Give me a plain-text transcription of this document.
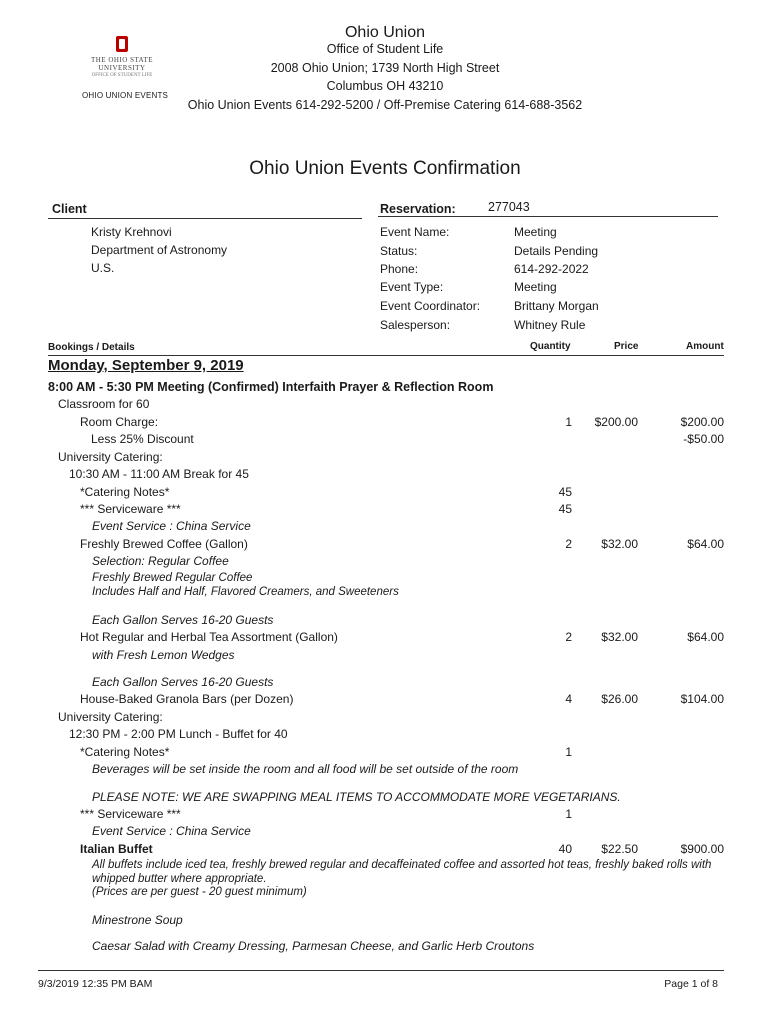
THE OHIO STATE
UNIVERSITY
OFFICE OF STUDENT LIFE
OHIO UNION EVENTS
Ohio Union
Office of Student Life
2008 Ohio Union; 1739 North High Street
Columbus OH 43210
Ohio Union Events 614-292-5200 / Off-Premise Catering 614-688-3562
Ohio Union Events Confirmation
Client	Reservation:	277043
Kristy Krehnovi
Department of Astronomy
U.S.
Event Name:	Meeting
Status:	Details Pending
Phone:	614-292-2022
Event Type:	Meeting
Event Coordinator:	Brittany Morgan
Salesperson:	Whitney Rule
Bookings / Details	Quantity	Price	Amount
Monday, September 9, 2019
8:00 AM - 5:30 PM Meeting (Confirmed) Interfaith Prayer & Reflection Room
Classroom for 60
Room Charge:	1 $200.00	$200.00
Less 25% Discount	-$50.00
University Catering:
10:30 AM - 11:00 AM Break for 45
*Catering Notes*	45
*** Serviceware ***	45
Event Service : China Service
Freshly Brewed Coffee (Gallon)	2 $32.00	$64.00
Selection: Regular Coffee
Freshly Brewed Regular Coffee
Includes Half and Half, Flavored Creamers, and Sweeteners
Each Gallon Serves 16-20 Guests
Hot Regular and Herbal Tea Assortment (Gallon)	2 $32.00	$64.00
with Fresh Lemon Wedges
Each Gallon Serves 16-20 Guests
House-Baked Granola Bars (per Dozen)	4 $26.00	$104.00
University Catering:
12:30 PM - 2:00 PM Lunch - Buffet for 40
*Catering Notes*	1
Beverages will be set inside the room and all food will be set outside of the room
PLEASE NOTE: WE ARE SWAPPING MEAL ITEMS TO ACCOMMODATE MORE VEGETARIANS.
*** Serviceware ***	1
Event Service : China Service
Italian Buffet	40 $22.50	$900.00
All buffets include iced tea, freshly brewed regular and decaffeinated coffee and assorted hot teas, freshly baked rolls with
whipped butter where appropriate.
(Prices are per guest - 20 guest minimum)
Minestrone Soup
Caesar Salad with Creamy Dressing, Parmesan Cheese, and Garlic Herb Croutons
9/3/2019 12:35 PM BAM	Page 1 of 8
